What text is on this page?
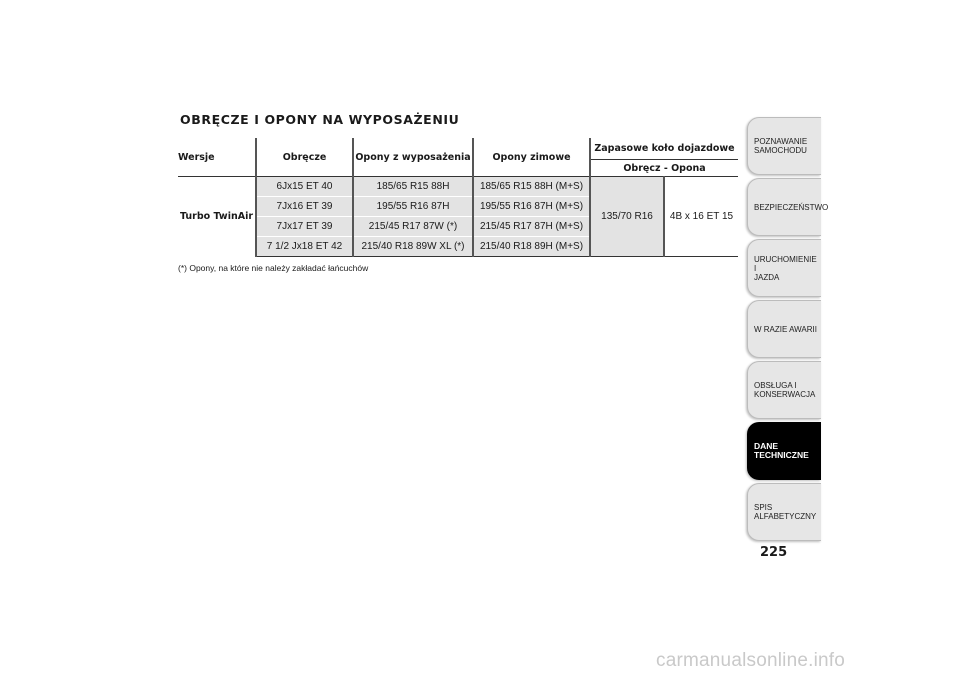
OBRĘCZE I OPONY NA WYPOSAŻENIU
Wersje	Obręcze	Opony z wyposażenia	Opony zimowe	Zapasowe koło dojazdowe	
				Obręcz - Opona	
Turbo TwinAir	6Jx15 ET 40	185/65 R15 88H	185/65 R15 88H (M+S)	135/70 R16	4B x 16 ET 15
	7Jx16 ET 39	195/55 R16 87H	195/55 R16 87H (M+S)		
	7Jx17 ET 39	215/45 R17 87W (*)	215/45 R17 87H (M+S)		
	7 1/2 Jx18 ET 42	215/40 R18 89W XL (*)	215/40 R18 89H (M+S)		
(*) Opony, na które nie należy zakładać łańcuchów
POZNAWANIE
SAMOCHODU
BEZPIECZEŃSTWO
URUCHOMIENIE I
JAZDA
W RAZIE AWARII
OBSŁUGA I
KONSERWACJA
DANE
TECHNICZNE
SPIS ALFABETYCZNY
225
carmanualsonline.info
